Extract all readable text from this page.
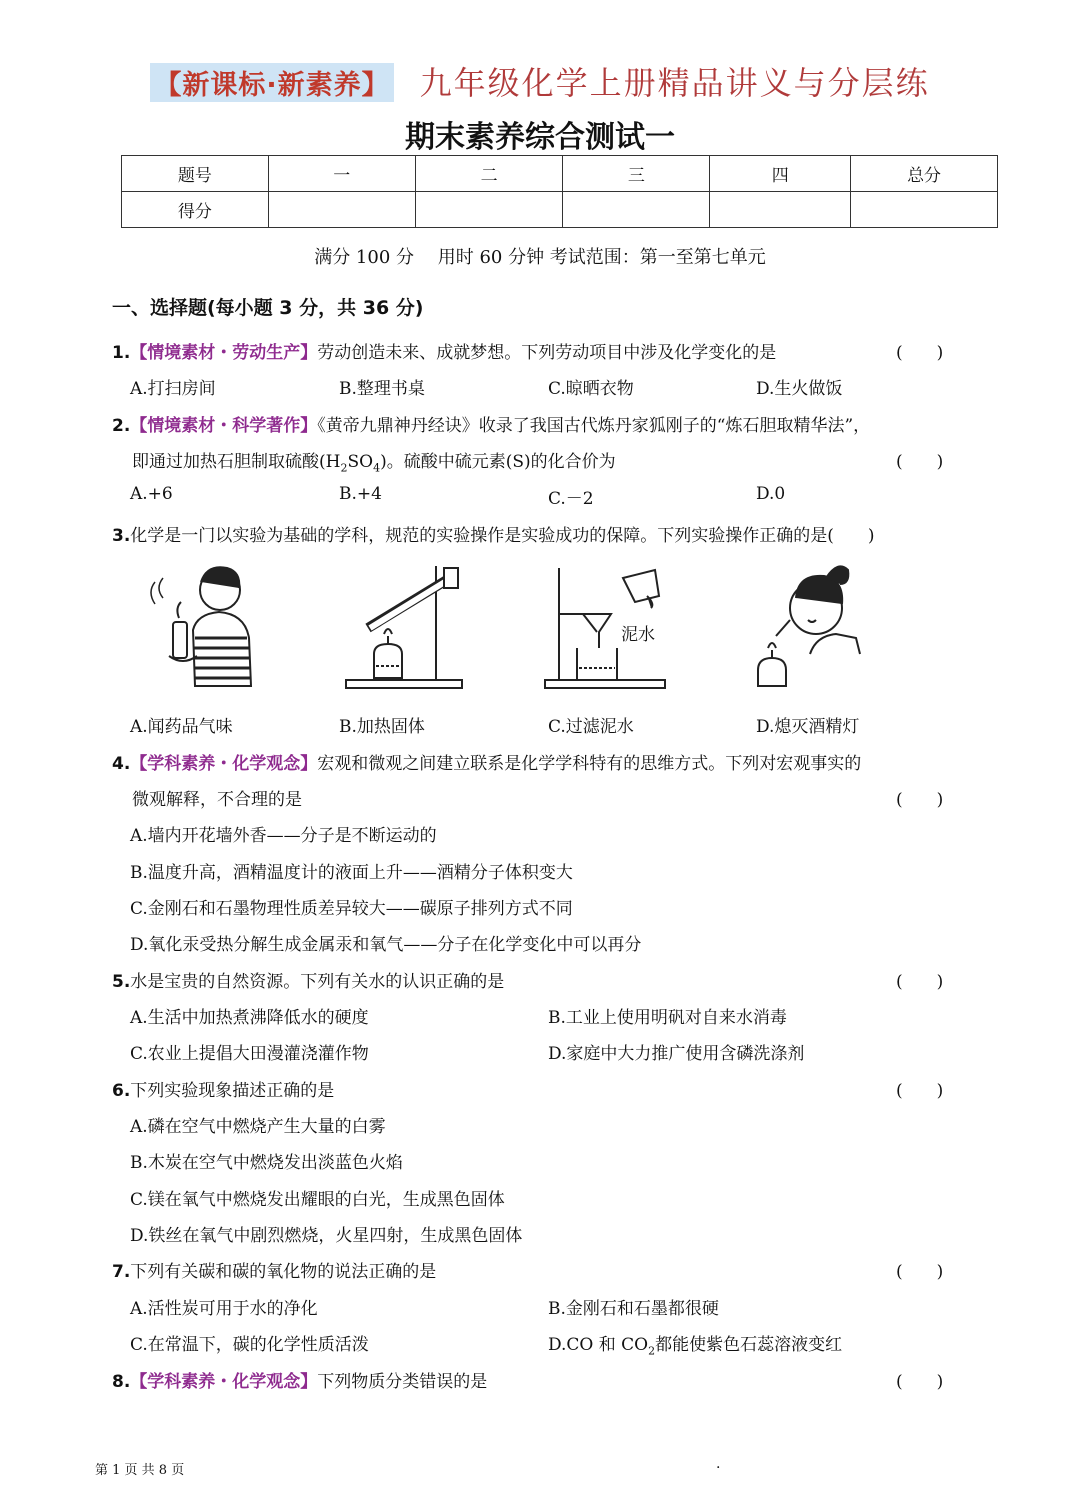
【新课标·新素养】 九年级化学上册精品讲义与分层练
期末素养综合测试一
题号	一	二	三	四	总分
得分					
满分 100 分　 用时 60 分钟 考试范围：第一至第七单元
一、选择题(每小题 3 分，共 36 分)
1.【情境素材・劳动生产】劳动创造未来、成就梦想。下列劳动项目中涉及化学变化的是	(　　)
A.打扫房间	B.整理书桌	C.晾晒衣物	D.生火做饭
2.【情境素材・科学著作】《黄帝九鼎神丹经诀》收录了我国古代炼丹家狐刚子的“炼石胆取精华法”，
即通过加热石胆制取硫酸$(H_2SO_4)$。硫酸中硫元素(S)的化合价为	(　　)
A.+6	B.+4	C.－2	D.0
3.化学是一门以实验为基础的学科，规范的实验操作是实验成功的保障。下列实验操作正确的是(　　)
泥水
A.闻药品气味	B.加热固体	C.过滤泥水	D.熄灭酒精灯
4.【学科素养・化学观念】宏观和微观之间建立联系是化学学科特有的思维方式。下列对宏观事实的
微观解释，不合理的是	(　　)
A.墙内开花墙外香——分子是不断运动的
B.温度升高，酒精温度计的液面上升——酒精分子体积变大
C.金刚石和石墨物理性质差异较大——碳原子排列方式不同
D.氧化汞受热分解生成金属汞和氧气——分子在化学变化中可以再分
5.水是宝贵的自然资源。下列有关水的认识正确的是	(　　)
A.生活中加热煮沸降低水的硬度	B.工业上使用明矾对自来水消毒
C.农业上提倡大田漫灌浇灌作物	D.家庭中大力推广使用含磷洗涤剂
6.下列实验现象描述正确的是	(　　)
A.磷在空气中燃烧产生大量的白雾
B.木炭在空气中燃烧发出淡蓝色火焰
C.镁在氧气中燃烧发出耀眼的白光，生成黑色固体
D.铁丝在氧气中剧烈燃烧，火星四射，生成黑色固体
7.下列有关碳和碳的氧化物的说法正确的是	(　　)
A.活性炭可用于水的净化	B.金刚石和石墨都很硬
C.在常温下，碳的化学性质活泼	D.CO 和 $CO_2$都能使紫色石蕊溶液变红
8.【学科素养・化学观念】下列物质分类错误的是	(　　)
第 1 页 共 8 页	.
